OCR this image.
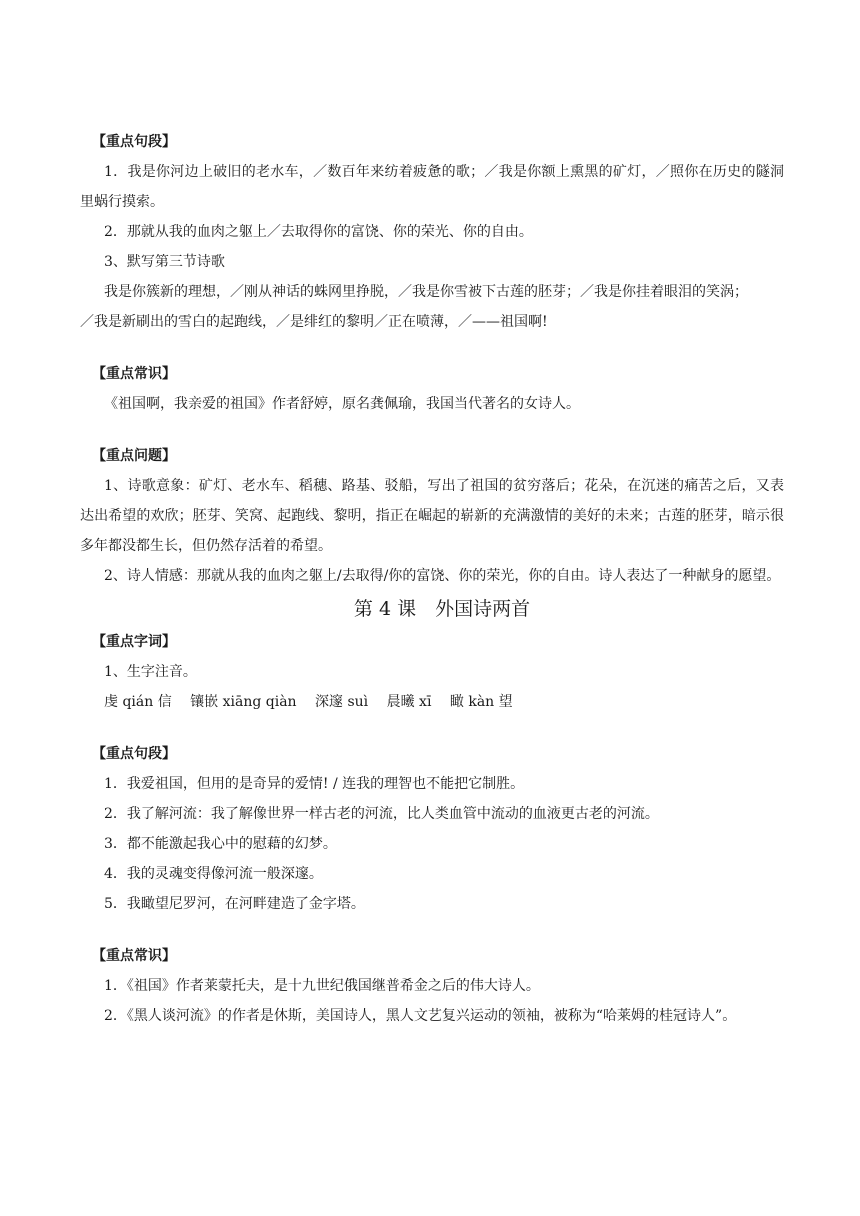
【重点句段】
1．我是你河边上破旧的老水车，／数百年来纺着疲惫的歌；／我是你额上熏黑的矿灯，／照你在历史的隧洞里蜗行摸索。
2．那就从我的血肉之躯上／去取得你的富饶、你的荣光、你的自由。
3、默写第三节诗歌
我是你簇新的理想，／刚从神话的蛛网里挣脱，／我是你雪被下古莲的胚芽；／我是你挂着眼泪的笑涡；
／我是新刷出的雪白的起跑线，／是绯红的黎明／正在喷薄，／——祖国啊!
【重点常识】
《祖国啊，我亲爱的祖国》作者舒婷，原名龚佩瑜，我国当代著名的女诗人。
【重点问题】
1、诗歌意象：矿灯、老水车、稻穗、路基、驳船，写出了祖国的贫穷落后；花朵，在沉迷的痛苦之后，又表达出希望的欢欣；胚芽、笑窝、起跑线、黎明，指正在崛起的崭新的充满激情的美好的未来；古莲的胚芽，暗示很多年都没都生长，但仍然存活着的希望。
2、诗人情感：那就从我的血肉之躯上/去取得/你的富饶、你的荣光，你的自由。诗人表达了一种献身的愿望。
第 4 课　外国诗两首
【重点字词】
1、生字注音。
虔 qián 信 镶嵌 xiāng qiàn 深邃 suì 晨曦 xī 瞰 kàn 望
【重点句段】
1．我爱祖国，但用的是奇异的爱情! / 连我的理智也不能把它制胜。
2．我了解河流：我了解像世界一样古老的河流，比人类血管中流动的血液更古老的河流。
3．都不能激起我心中的慰藉的幻梦。
4．我的灵魂变得像河流一般深邃。
5．我瞰望尼罗河，在河畔建造了金字塔。
【重点常识】
1．《祖国》作者莱蒙托夫，是十九世纪俄国继普希金之后的伟大诗人。
2．《黑人谈河流》的作者是休斯，美国诗人，黑人文艺复兴运动的领袖，被称为“哈莱姆的桂冠诗人”。
